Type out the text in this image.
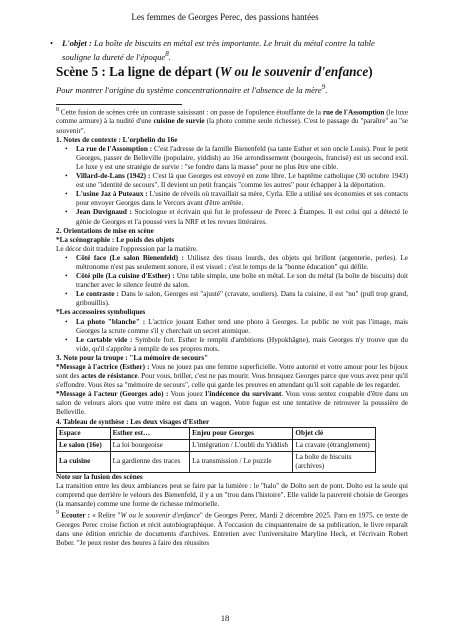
Les femmes de Georges Perec, des passions hantées
• L'objet : La boîte de biscuits en métal est très importante. Le bruit du métal contre la table souligne la dureté de l'époque$^8$.
Scène 5 : La ligne de départ (W ou le souvenir d'enfance)
Pour montrer l'origine du système concentrationnaire et l'absence de la mère$^9$.

$^8$ Cette fusion de scènes crée un contraste saisissant : on passe de l'opulence étouffante de la rue de l'Assomption (le luxe comme armure) à la nudité d'une cuisine de survie (la photo comme seule richesse). C'est le passage du "paraître" au "se souvenir".

1. Notes de contexte : L'orphelin du 16e
• La rue de l'Assomption : C'est l'adresse de la famille Bienenfeld (sa tante Esther et son oncle Louis). Pour le petit Georges, passer de Belleville (populaire, yiddish) au 16e arrondissement (bourgeois, francisé) est un second exil. Le luxe y est une stratégie de survie : "se fondre dans la masse" pour ne plus être une cible.
• Villard-de-Lans (1942) : C'est là que Georges est envoyé en zone libre. Le baptême catholique (30 octobre 1943) est une "identité de secours". Il devient un petit français "comme les autres" pour échapper à la déportation.
• L'usine Jaz à Puteaux : L'usine de réveils où travaillait sa mère, Cyrla. Elle a utilisé ses économies et ses contacts pour envoyer Georges dans le Vercors avant d'être arrêtée.
• Jean Duvignaud : Sociologue et écrivain qui fut le professeur de Perec à Étampes. Il est celui qui a détecté le génie de Georges et l'a poussé vers la NRF et les revues littéraires.
2. Orientations de mise en scène
*La scénographie : Le poids des objets
Le décor doit traduire l'oppression par la matière.
• Côté face (Le salon Bienenfeld) : Utilisez des tissus lourds, des objets qui brillent (argenterie, perles). Le métronome n'est pas seulement sonore, il est visuel : c'est le temps de la "bonne éducation" qui défile.
• Côté pile (La cuisine d'Esther) : Une table simple, une boîte en métal. Le son du métal (la boîte de biscuits) doit trancher avec le silence feutré du salon.
• Le contraste : Dans le salon, Georges est "ajusté" (cravate, souliers). Dans la cuisine, il est "nu" (pull trop grand, gribouillis).
*Les accessoires symboliques
• La photo "blanche" : L'actrice jouant Esther tend une photo à Georges. Le public ne voit pas l'image, mais Georges la scrute comme s'il y cherchait un secret atomique.
• Le cartable vide : Symbole fort. Esther le remplit d'ambitions (Hypokhâgne), mais Georges n'y trouve que du vide, qu'il s'apprête à remplir de ses propres mots.
3. Note pour la troupe : "La mémoire de secours"

*Message à l'actrice (Esther) : Vous ne jouez pas une femme superficielle. Votre autorité et votre amour pour les bijoux sont des actes de résistance. Pour vous, briller, c'est ne pas mourir. Vous brusquez Georges parce que vous avez peur qu'il s'effondre. Vous êtes sa "mémoire de secours", celle qui garde les preuves en attendant qu'il soit capable de les regarder.

*Message à l'acteur (Georges ado) : Vous jouez l'indécence du survivant. Vous vous sentez coupable d'être dans un salon de velours alors que votre mère est dans un wagon. Votre fugue est une tentative de retrouver la poussière de Belleville.

4. Tableau de synthèse : Les deux visages d'Esther
Espace	Esther est…	Enjeu pour Georges	Objet clé
Le salon (16e)	La loi bourgeoise	L'intégration / L'oubli du Yiddish	La cravate (étranglement)
La cuisine	La gardienne des traces	La transmission / Le puzzle	La boîte de biscuits (archives)
Note sur la fusion des scènes

La transition entre les deux ambiances peut se faire par la lumière : le "halo" de Dolto sert de pont. Dolto est la seule qui comprend que derrière le velours des Bienenfeld, il y a un "trou dans l'histoire". Elle valide la pauvreté choisie de Georges (la mansarde) comme une forme de richesse mémorielle.

$^9$ Ecouter : « Relire "W ou le souvenir d'enfance" de Georges Perec, Mardi 2 décembre 2025. Paru en 1975, ce texte de Georges Perec croise fiction et récit autobiographique. À l'occasion du cinquantenaire de sa publication, le livre reparaît dans une édition enrichie de documents d'archives. Entretien avec l'universitaire Maryline Heck, et l'écrivain Robert Bober. "Je peux rester des heures à faire des réussites

18
